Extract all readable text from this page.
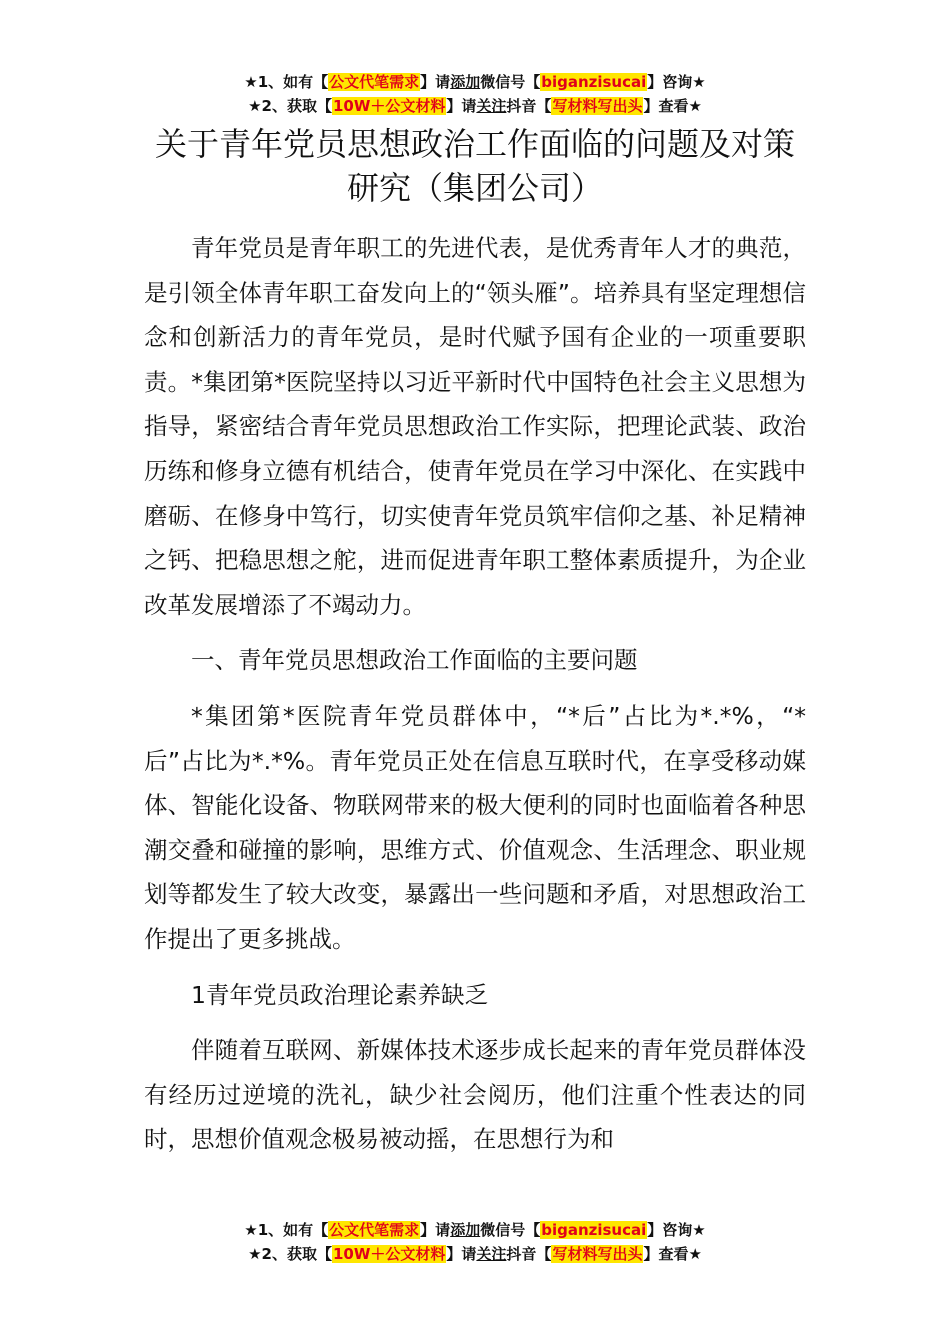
★1、如有【公文代笔需求】请添加微信号【biganzisucai】咨询★
★2、获取【10W＋公文材料】请关注抖音【写材料写出头】查看★
关于青年党员思想政治工作面临的问题及对策研究（集团公司）

青年党员是青年职工的先进代表，是优秀青年人才的典范，是引领全体青年职工奋发向上的“领头雁”。培养具有坚定理想信念和创新活力的青年党员，是时代赋予国有企业的一项重要职责。*集团第*医院坚持以习近平新时代中国特色社会主义思想为指导，紧密结合青年党员思想政治工作实际，把理论武装、政治历练和修身立德有机结合，使青年党员在学习中深化、在实践中磨砺、在修身中笃行，切实使青年党员筑牢信仰之基、补足精神之钙、把稳思想之舵，进而促进青年职工整体素质提升，为企业改革发展增添了不竭动力。

一、青年党员思想政治工作面临的主要问题

*集团第*医院青年党员群体中，“*后”占比为*.*%，“*后”占比为*.*%。青年党员正处在信息互联时代，在享受移动媒体、智能化设备、物联网带来的极大便利的同时也面临着各种思潮交叠和碰撞的影响，思维方式、价值观念、生活理念、职业规划等都发生了较大改变，暴露出一些问题和矛盾，对思想政治工作提出了更多挑战。

1青年党员政治理论素养缺乏

伴随着互联网、新媒体技术逐步成长起来的青年党员群体没有经历过逆境的洗礼，缺少社会阅历，他们注重个性表达的同时，思想价值观念极易被动摇，在思想行为和

★1、如有【公文代笔需求】请添加微信号【biganzisucai】咨询★
★2、获取【10W＋公文材料】请关注抖音【写材料写出头】查看★
